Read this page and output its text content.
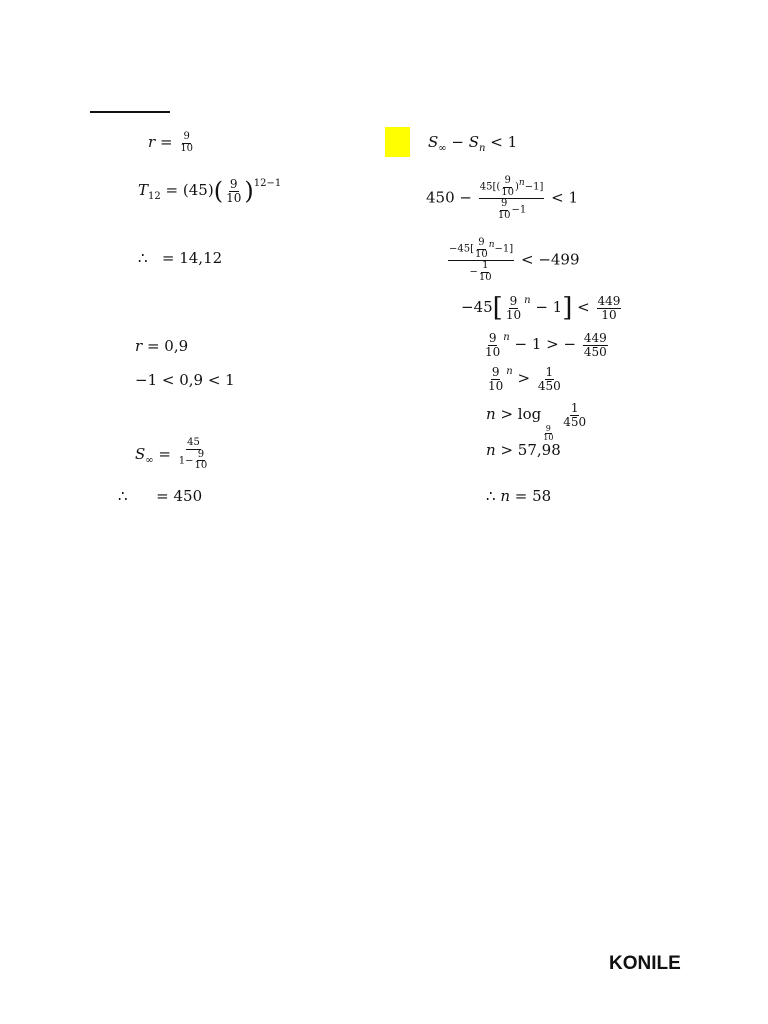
$r = \frac{9}{10}$
$T_{12} = (45)( \frac{9}{10} )^{12-1}$
∴ = 14,12
r = 0,9
−1 < 0,9 < 1
$S_\infty = \frac{45}{1- \frac{9}{10}}$
∴ = 450
$S_\infty - S_n < 1$
$450 - \frac{45[( \frac{9}{10} )^n-1]}{\frac{9}{10} -1} < 1$
$\frac{-45[ \frac{9}{10} ^n-1]}{- \frac{1}{10}} < -499$
$-45[ \frac{9}{10} ^n - 1] < \frac{449}{10}$
$\frac{9}{10} ^n - 1$ > − $\frac{449}{450}$
$\frac{9}{10} ^n > \frac{1}{450}$
n > log
$\frac{9}{10}$

$\frac{1}{450}$
n > 57,98
∴ n = 58
KONILE
